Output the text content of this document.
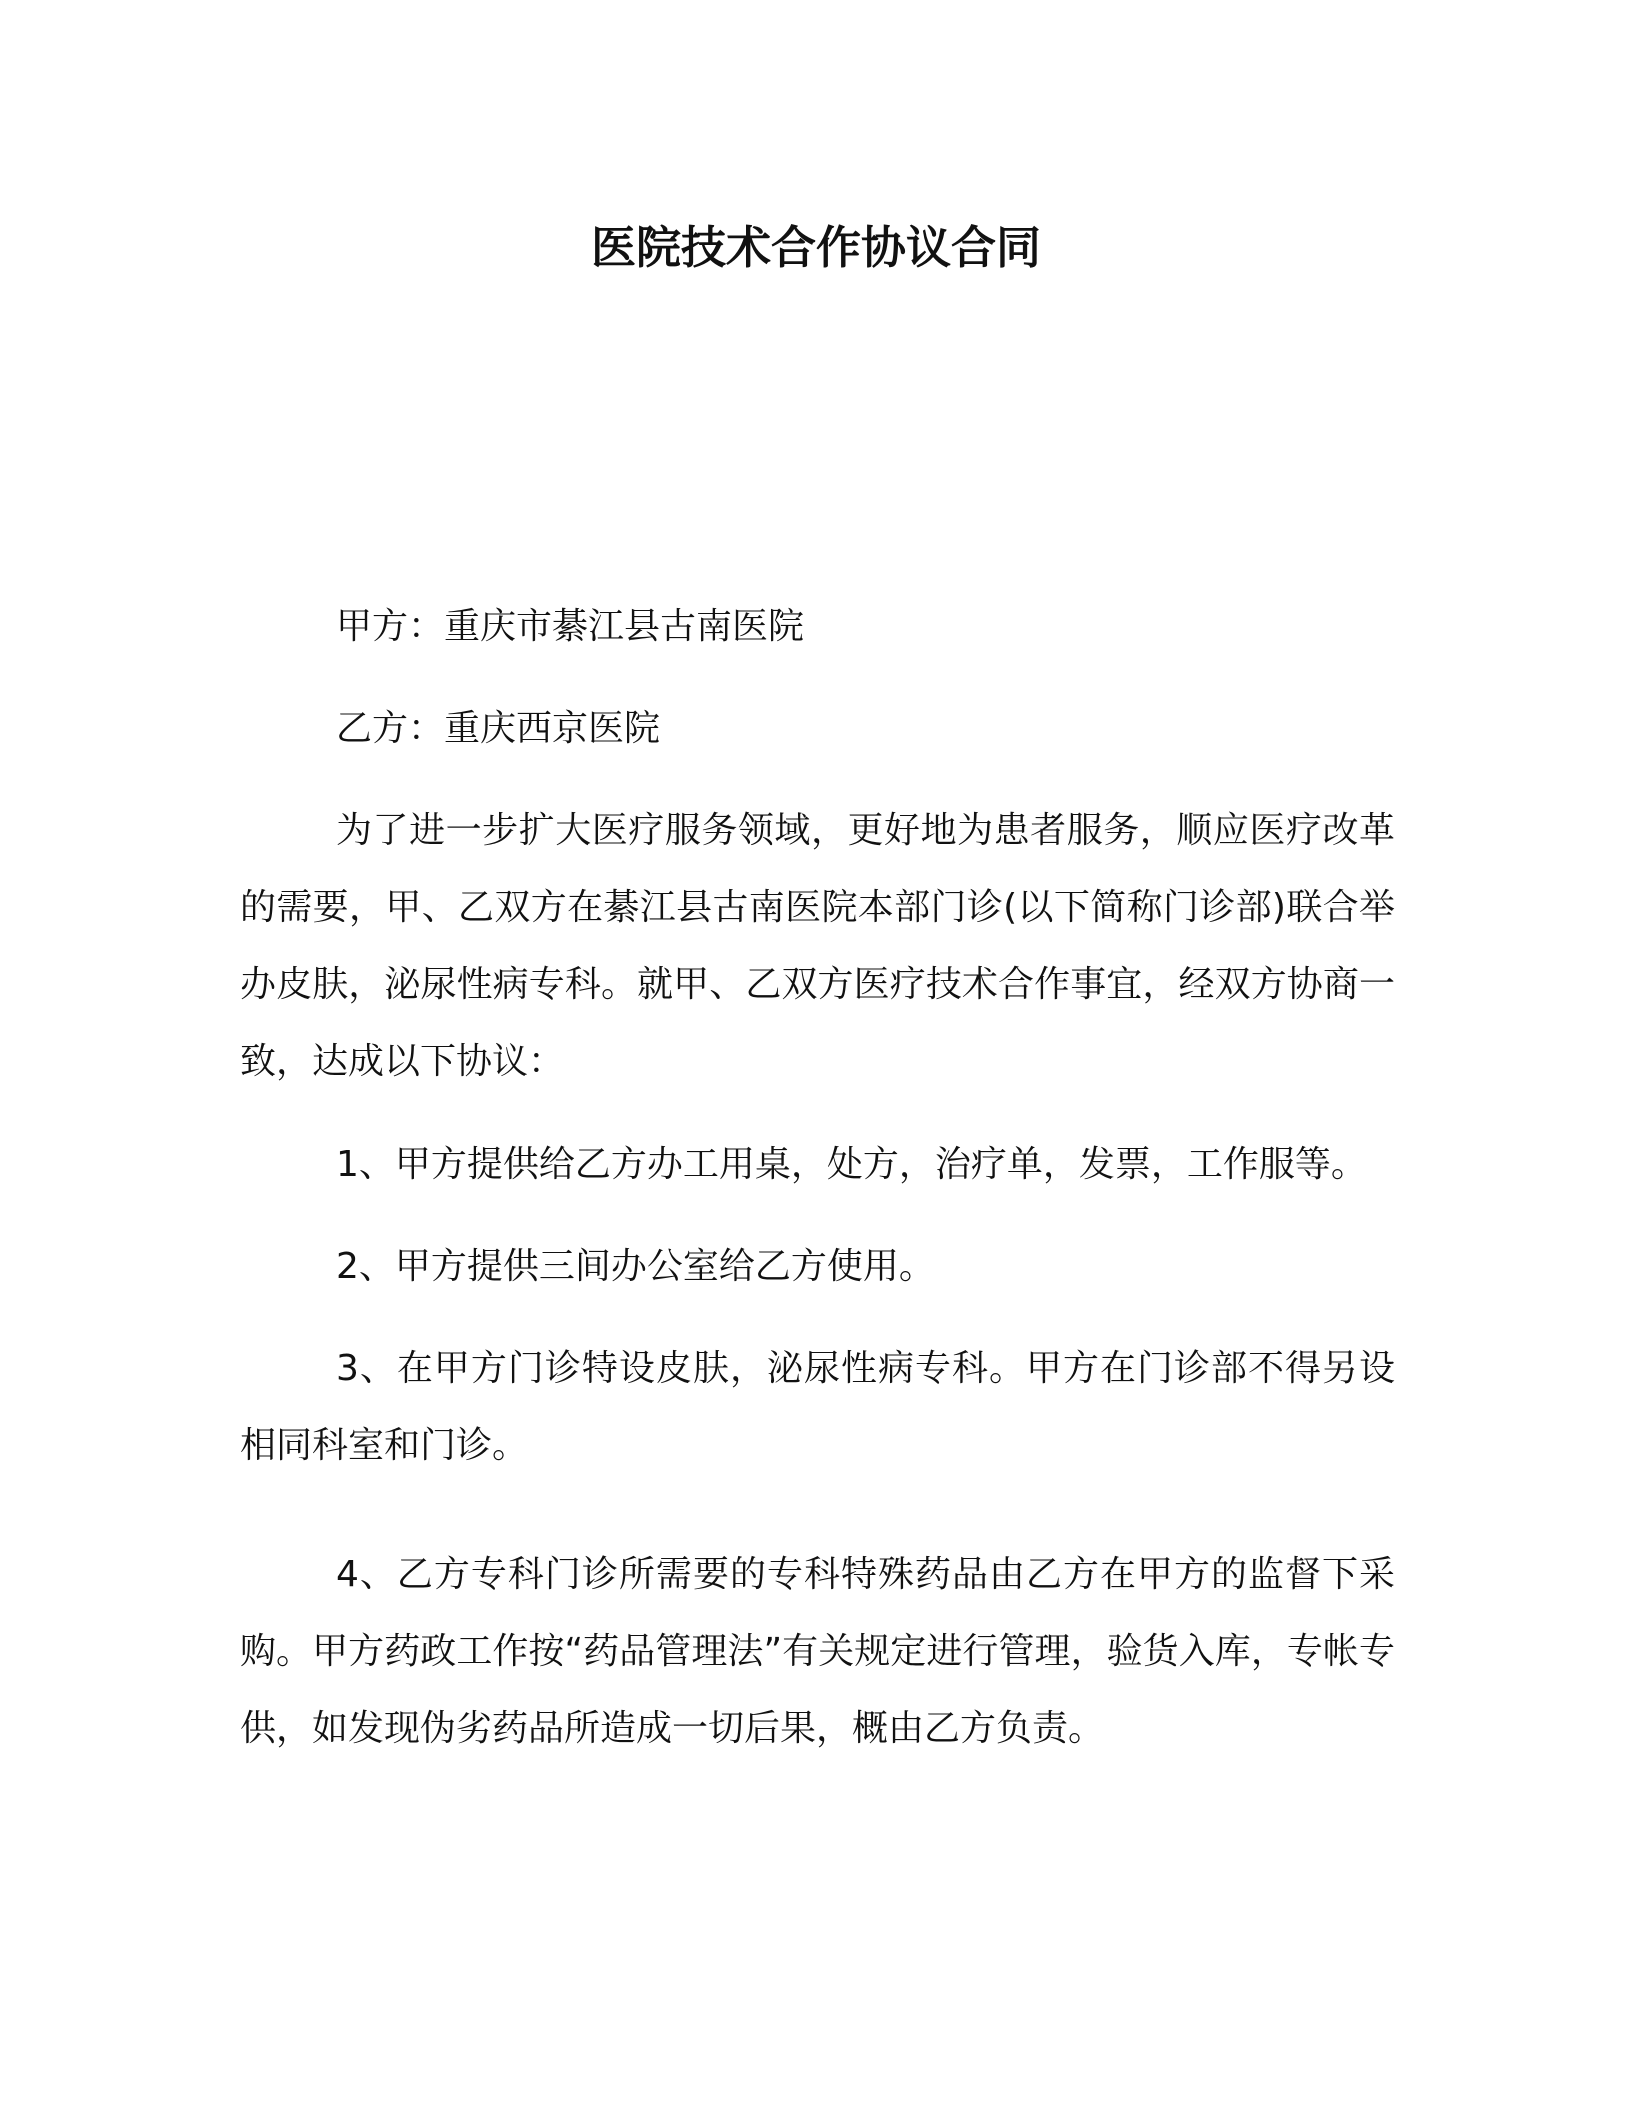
医院技术合作协议合同

甲方：重庆市綦江县古南医院

乙方：重庆西京医院

为了进一步扩大医疗服务领域，更好地为患者服务，顺应医疗改革的需要，甲、乙双方在綦江县古南医院本部门诊(以下简称门诊部)联合举办皮肤，泌尿性病专科。就甲、乙双方医疗技术合作事宜，经双方协商一致，达成以下协议：

1、甲方提供给乙方办工用桌，处方，治疗单，发票，工作服等。

2、甲方提供三间办公室给乙方使用。

3、在甲方门诊特设皮肤，泌尿性病专科。甲方在门诊部不得另设相同科室和门诊。

4、乙方专科门诊所需要的专科特殊药品由乙方在甲方的监督下采购。甲方药政工作按“药品管理法”有关规定进行管理，验货入库，专帐专供，如发现伪劣药品所造成一切后果，概由乙方负责。
